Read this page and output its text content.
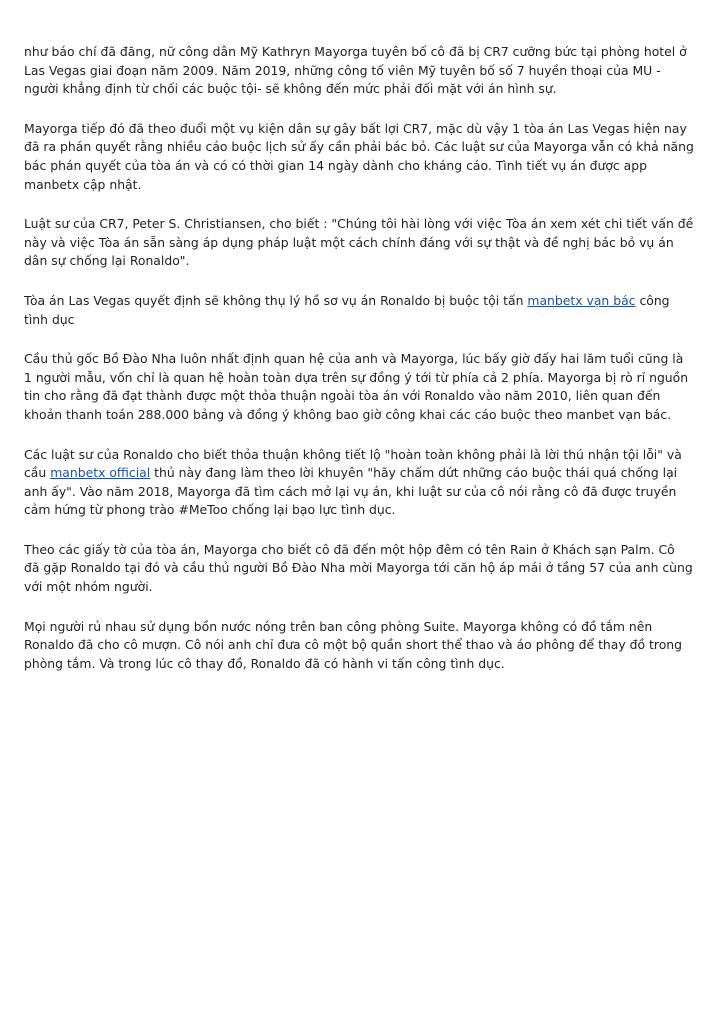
như báo chí đã đăng, nữ công dân Mỹ Kathryn Mayorga tuyên bố cô đã bị CR7 cưỡng bức tại phòng hotel ở Las Vegas giai đoạn năm 2009. Năm 2019, những công tố viên Mỹ tuyên bố số 7 huyền thoại của MU - người khẳng định từ chối các buộc tội- sẽ không đến mức phải đối mặt với án hình sự.

Mayorga tiếp đó đã theo đuổi một vụ kiện dân sự gây bất lợi CR7, mặc dù vậy 1 tòa án Las Vegas hiện nay đã ra phán quyết rằng nhiều cáo buộc lịch sử ấy cần phải bác bỏ. Các luật sư của Mayorga vẫn có khả năng bác phán quyết của tòa án và có có thời gian 14 ngày dành cho kháng cáo. Tình tiết vụ án được app manbetx cập nhật.

Luật sư của CR7, Peter S. Christiansen, cho biết : "Chúng tôi hài lòng với việc Tòa án xem xét chi tiết vấn đề này và việc Tòa án sẵn sàng áp dụng pháp luật một cách chính đáng với sự thật và đề nghị bác bỏ vụ án dân sự chống lại Ronaldo".

Tòa án Las Vegas quyết định sẽ không thụ lý hồ sơ vụ án Ronaldo bị buộc tội tấn manbetx vạn bác công tình dục

Cầu thủ gốc Bồ Đào Nha luôn nhất định quan hệ của anh và Mayorga, lúc bấy giờ đấy hai lăm tuổi cũng là 1 người mẫu, vốn chỉ là quan hệ hoàn toàn dựa trên sự đồng ý tới từ phía cả 2 phía. Mayorga bị rò rỉ nguồn tin cho rằng đã đạt thành được một thỏa thuận ngoài tòa án với Ronaldo vào năm 2010, liên quan đến khoản thanh toán 288.000 bảng và đồng ý không bao giờ công khai các cáo buộc theo manbet vạn bác.

Các luật sư của Ronaldo cho biết thỏa thuận không tiết lộ "hoàn toàn không phải là lời thú nhận tội lỗi" và cầu manbetx official thủ này đang làm theo lời khuyên "hãy chấm dứt những cáo buộc thái quá chống lại anh ấy". Vào năm 2018, Mayorga đã tìm cách mở lại vụ án, khi luật sư của cô nói rằng cô đã được truyền cảm hứng từ phong trào #MeToo chống lại bạo lực tình dục.

Theo các giấy tờ của tòa án, Mayorga cho biết cô đã đến một hộp đêm có tên Rain ở Khách sạn Palm. Cô đã gặp Ronaldo tại đó và cầu thủ người Bồ Đào Nha mời Mayorga tới căn hộ áp mái ở tầng 57 của anh cùng với một nhóm người.

Mọi người rủ nhau sử dụng bồn nước nóng trên ban công phòng Suite. Mayorga không có đồ tắm nên Ronaldo đã cho cô mượn. Cô nói anh chỉ đưa cô một bộ quần short thể thao và áo phông để thay đồ trong phòng tắm. Và trong lúc cô thay đồ, Ronaldo đã có hành vi tấn công tình dục.
